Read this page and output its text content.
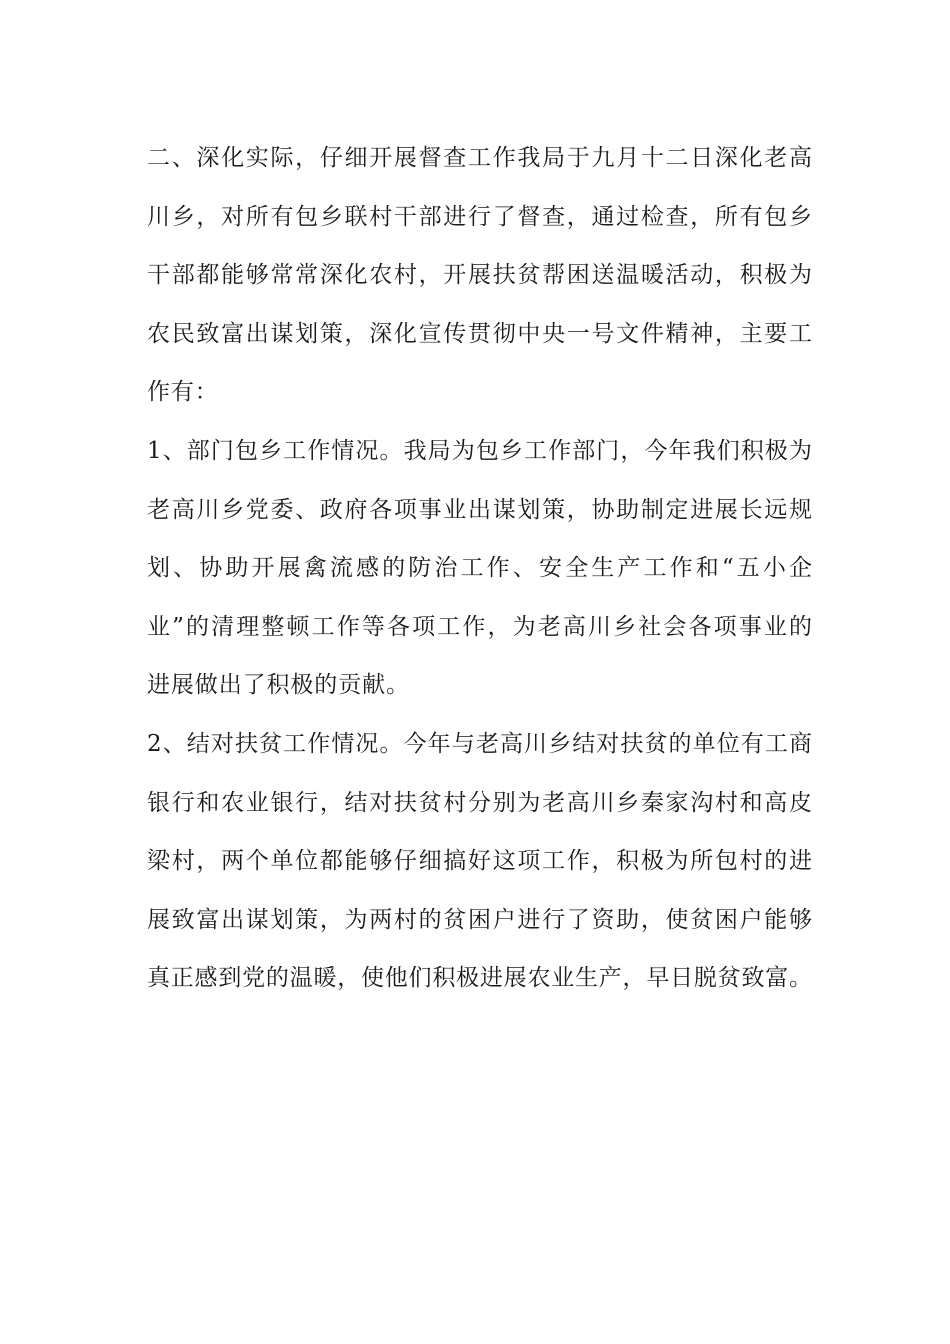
二、深化实际，仔细开展督查工作我局于九月十二日深化老高
川乡，对所有包乡联村干部进行了督查，通过检查，所有包乡
干部都能够常常深化农村，开展扶贫帮困送温暖活动，积极为
农民致富出谋划策，深化宣传贯彻中央一号文件精神，主要工
作有：
1、部门包乡工作情况。我局为包乡工作部门，今年我们积极为
老高川乡党委、政府各项事业出谋划策，协助制定进展长远规
划、协助开展禽流感的防治工作、安全生产工作和“五小企
业”的清理整顿工作等各项工作，为老高川乡社会各项事业的
进展做出了积极的贡献。
2、结对扶贫工作情况。今年与老高川乡结对扶贫的单位有工商
银行和农业银行，结对扶贫村分别为老高川乡秦家沟村和高皮
梁村，两个单位都能够仔细搞好这项工作，积极为所包村的进
展致富出谋划策，为两村的贫困户进行了资助，使贫困户能够
真正感到党的温暖，使他们积极进展农业生产，早日脱贫致富。
